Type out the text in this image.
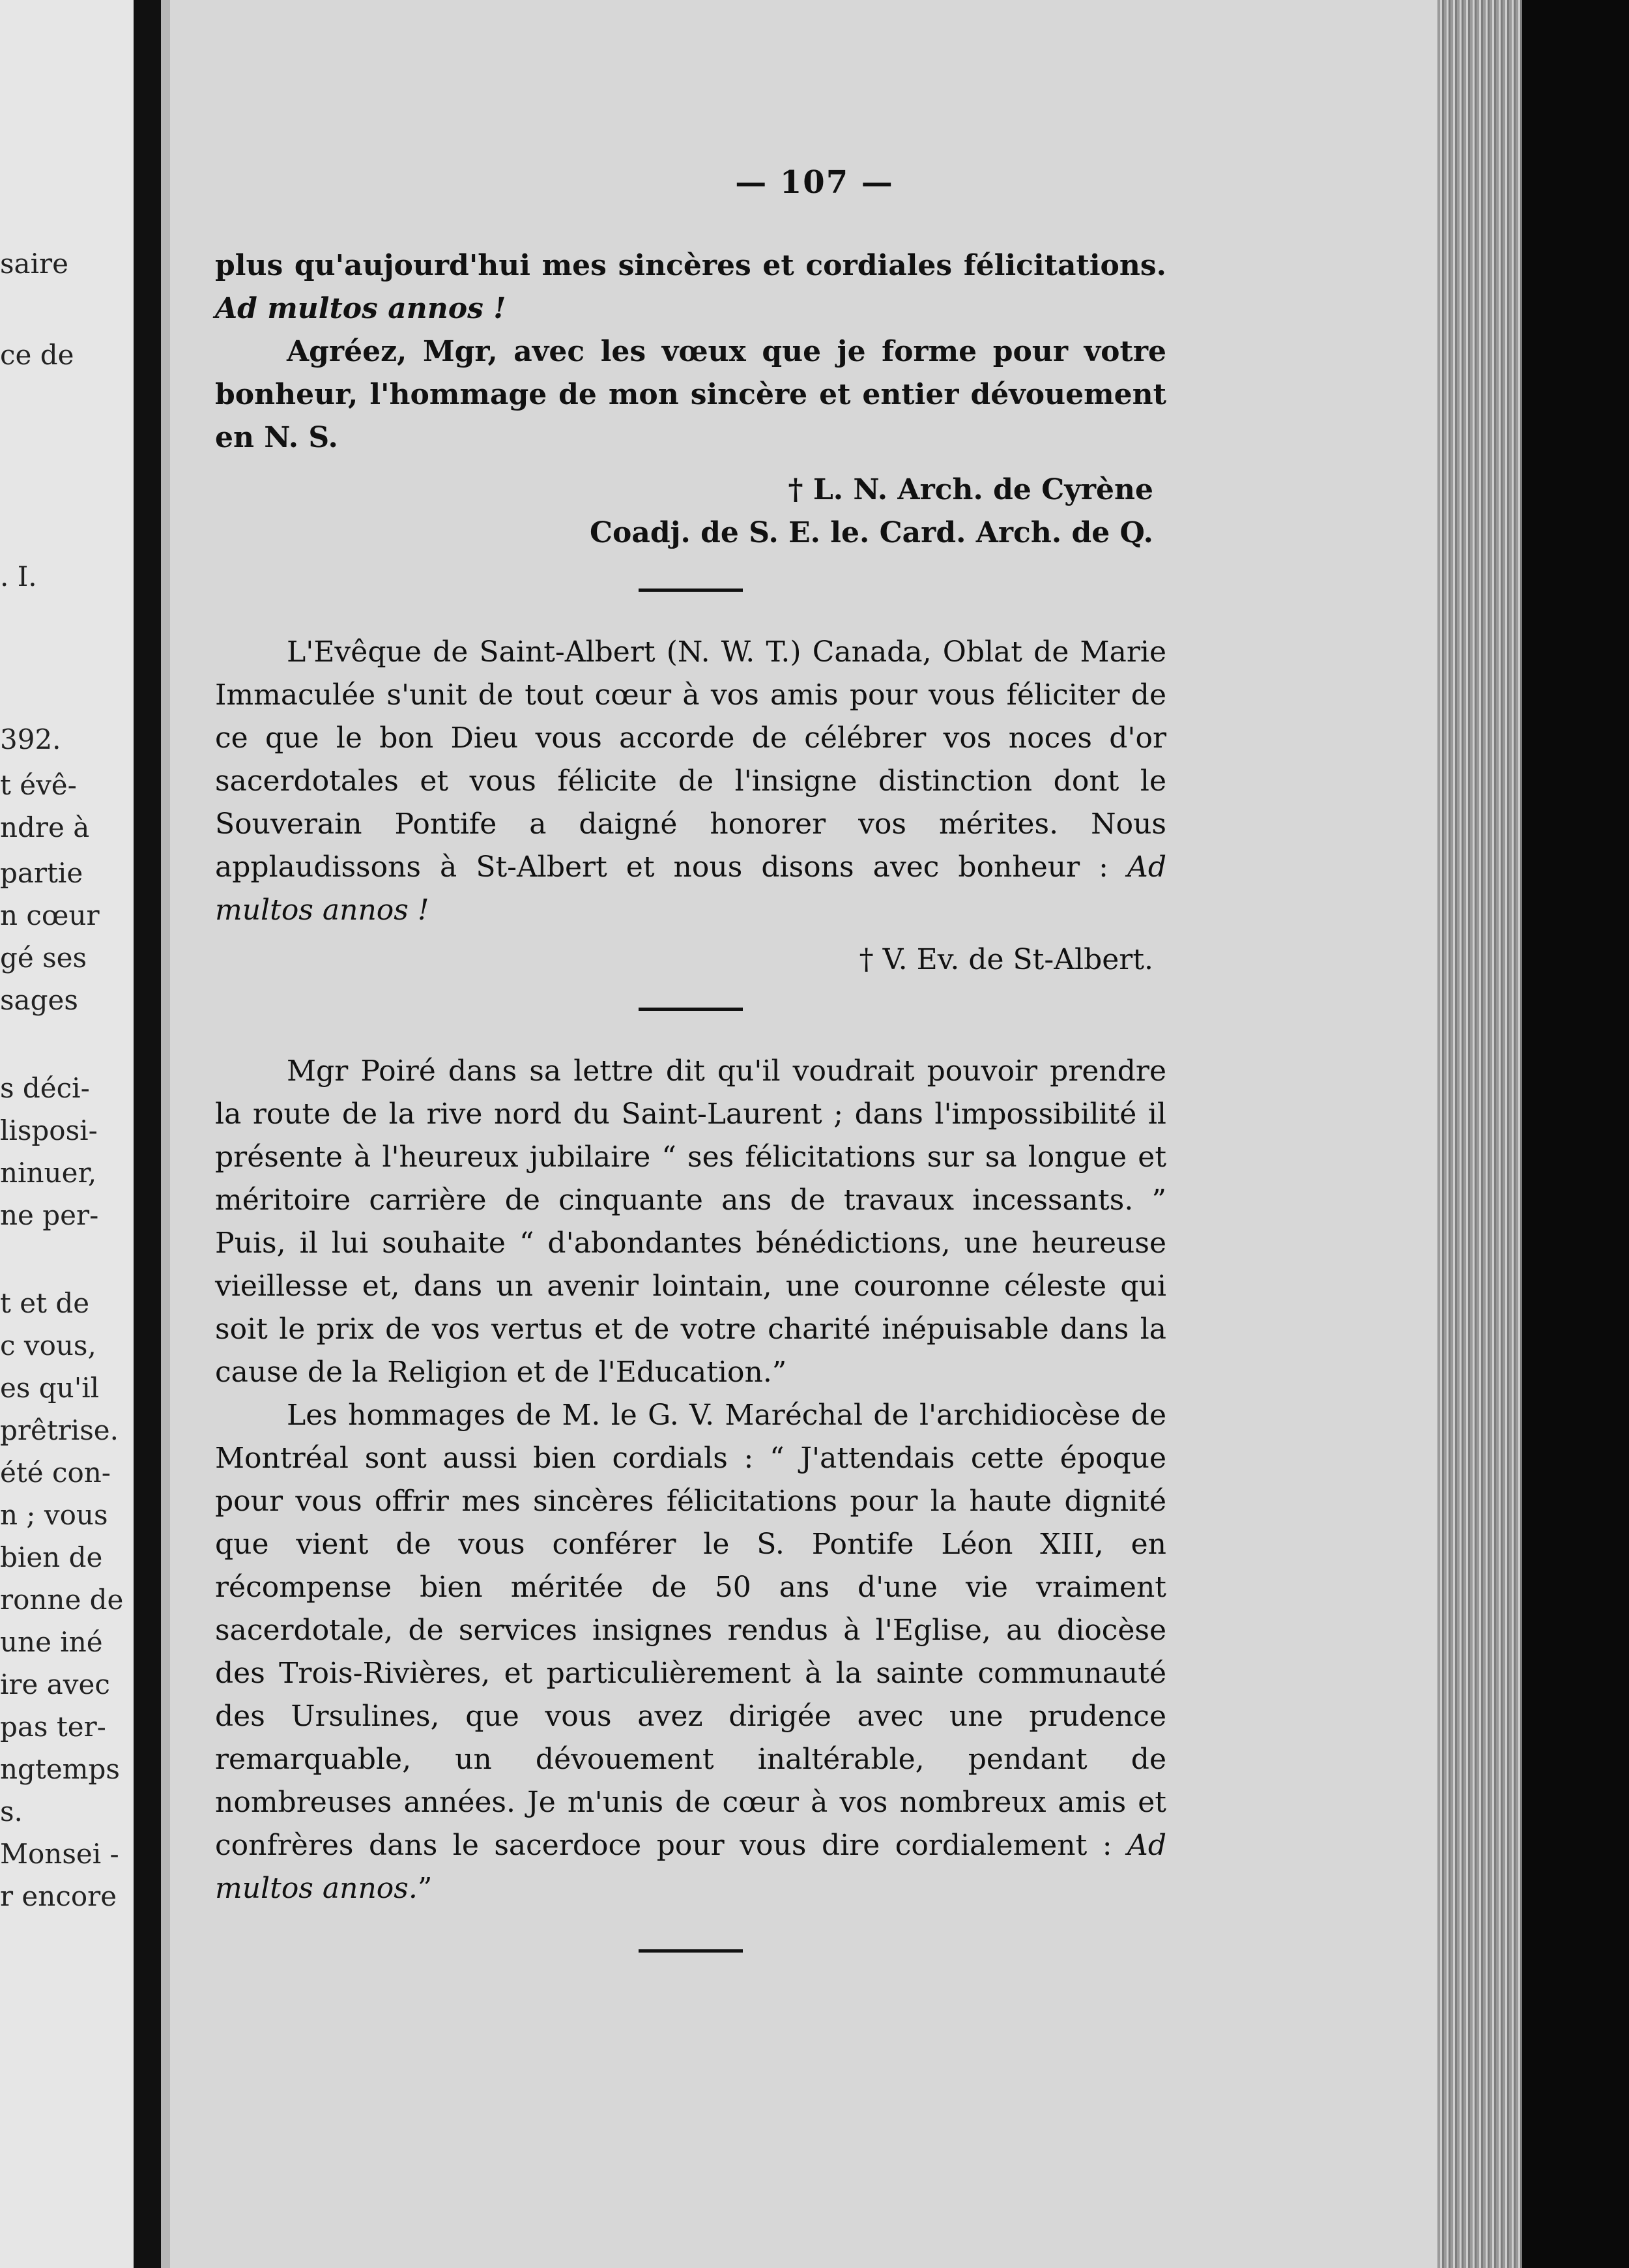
saire
ce de
. I.
392.
t évê-
ndre à
partie
n cœur
gé ses
sages
s déci-
lisposi-
ninuer,
ne per-
t et de
c vous,
es qu'il
prêtrise.
été con-
n ; vous
bien de
ronne de
une iné
ire avec
pas ter-
ngtemps
s.
Monsei -
r encore
— 107 —

plus qu'aujourd'hui mes sincères et cordiales félicitations. Ad multos annos !

Agréez, Mgr, avec les vœux que je forme pour votre bonheur, l'hommage de mon sincère et entier dévouement en N. S.

† L. N. Arch. de Cyrène

Coadj. de S. E. le. Card. Arch. de Q.

L'Evêque de Saint-Albert (N. W. T.) Canada, Oblat de Marie Immaculée s'unit de tout cœur à vos amis pour vous féliciter de ce que le bon Dieu vous accorde de célébrer vos noces d'or sacerdotales et vous félicite de l'insigne distinction dont le Souverain Pontife a daigné honorer vos mérites. Nous applaudissons à St-Albert et nous disons avec bonheur : Ad multos annos !

† V. Ev. de St-Albert.

Mgr Poiré dans sa lettre dit qu'il voudrait pouvoir prendre la route de la rive nord du Saint-Laurent ; dans l'impossibilité il présente à l'heureux jubilaire “ ses félicitations sur sa longue et méritoire carrière de cinquante ans de travaux incessants. ” Puis, il lui souhaite “ d'abondantes bénédictions, une heureuse vieillesse et, dans un avenir lointain, une couronne céleste qui soit le prix de vos vertus et de votre charité inépuisable dans la cause de la Religion et de l'Education.”

Les hommages de M. le G. V. Maréchal de l'archidiocèse de Montréal sont aussi bien cordials : “ J'attendais cette époque pour vous offrir mes sincères félicitations pour la haute dignité que vient de vous conférer le S. Pontife Léon XIII, en récompense bien méritée de 50 ans d'une vie vraiment sacerdotale, de services insignes rendus à l'Eglise, au diocèse des Trois-Rivières, et particulièrement à la sainte communauté des Ursulines, que vous avez dirigée avec une prudence remarquable, un dévouement inaltérable, pendant de nombreuses années. Je m'unis de cœur à vos nombreux amis et confrères dans le sacerdoce pour vous dire cordialement : Ad multos annos.”
